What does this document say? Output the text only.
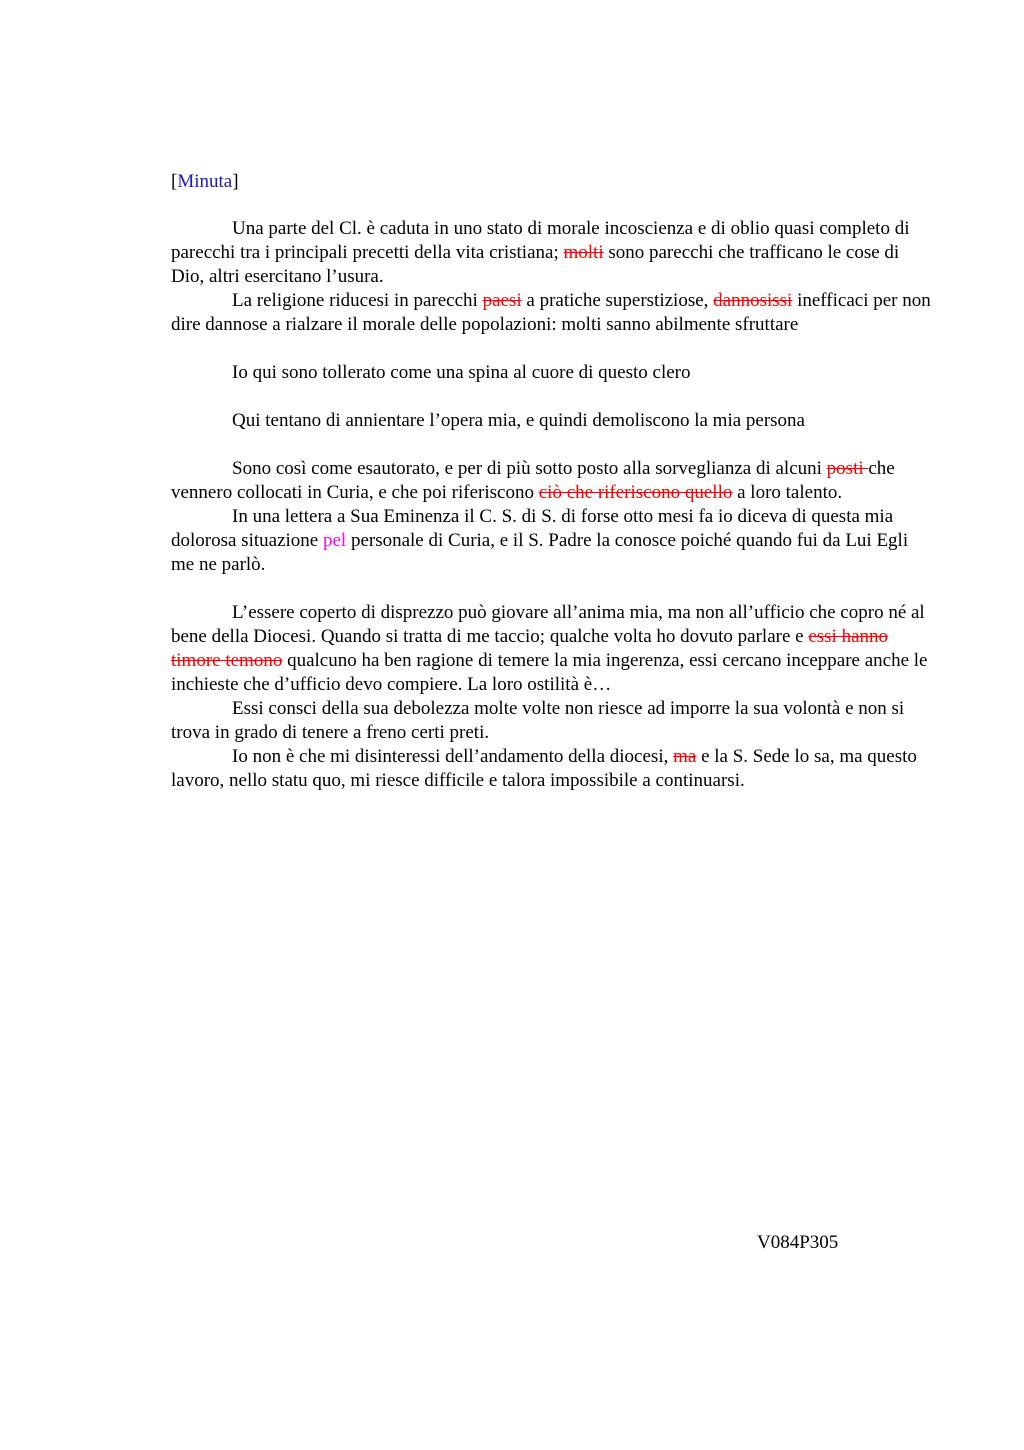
[Minuta]

Una parte del Cl. è caduta in uno stato di morale incoscienza e di oblio quasi completo di parecchi tra i principali precetti della vita cristiana; molti sono parecchi che trafficano le cose di Dio, altri esercitano l’usura.

La religione riducesi in parecchi paesi a pratiche superstiziose, dannosissi inefficaci per non dire dannose a rialzare il morale delle popolazioni: molti sanno abilmente sfruttare

Io qui sono tollerato come una spina al cuore di questo clero

Qui tentano di annientare l’opera mia, e quindi demoliscono la mia persona

Sono così come esautorato, e per di più sotto posto alla sorveglianza di alcuni posti che vennero collocati in Curia, e che poi riferiscono ciò che riferiscono quello a loro talento.

In una lettera a Sua Eminenza il C. S. di S. di forse otto mesi fa io diceva di questa mia dolorosa situazione pel personale di Curia, e il S. Padre la conosce poiché quando fui da Lui Egli me ne parlò.

L’essere coperto di disprezzo può giovare all’anima mia, ma non all’ufficio che copro né al bene della Diocesi. Quando si tratta di me taccio; qualche volta ho dovuto parlare e essi hanno timore temono qualcuno ha ben ragione di temere la mia ingerenza, essi cercano inceppare anche le inchieste che d’ufficio devo compiere. La loro ostilità è…

Essi consci della sua debolezza molte volte non riesce ad imporre la sua volontà e non si trova in grado di tenere a freno certi preti.

Io non è che mi disinteressi dell’andamento della diocesi, ma e la S. Sede lo sa, ma questo lavoro, nello statu quo, mi riesce difficile e talora impossibile a continuarsi.

V084P305
